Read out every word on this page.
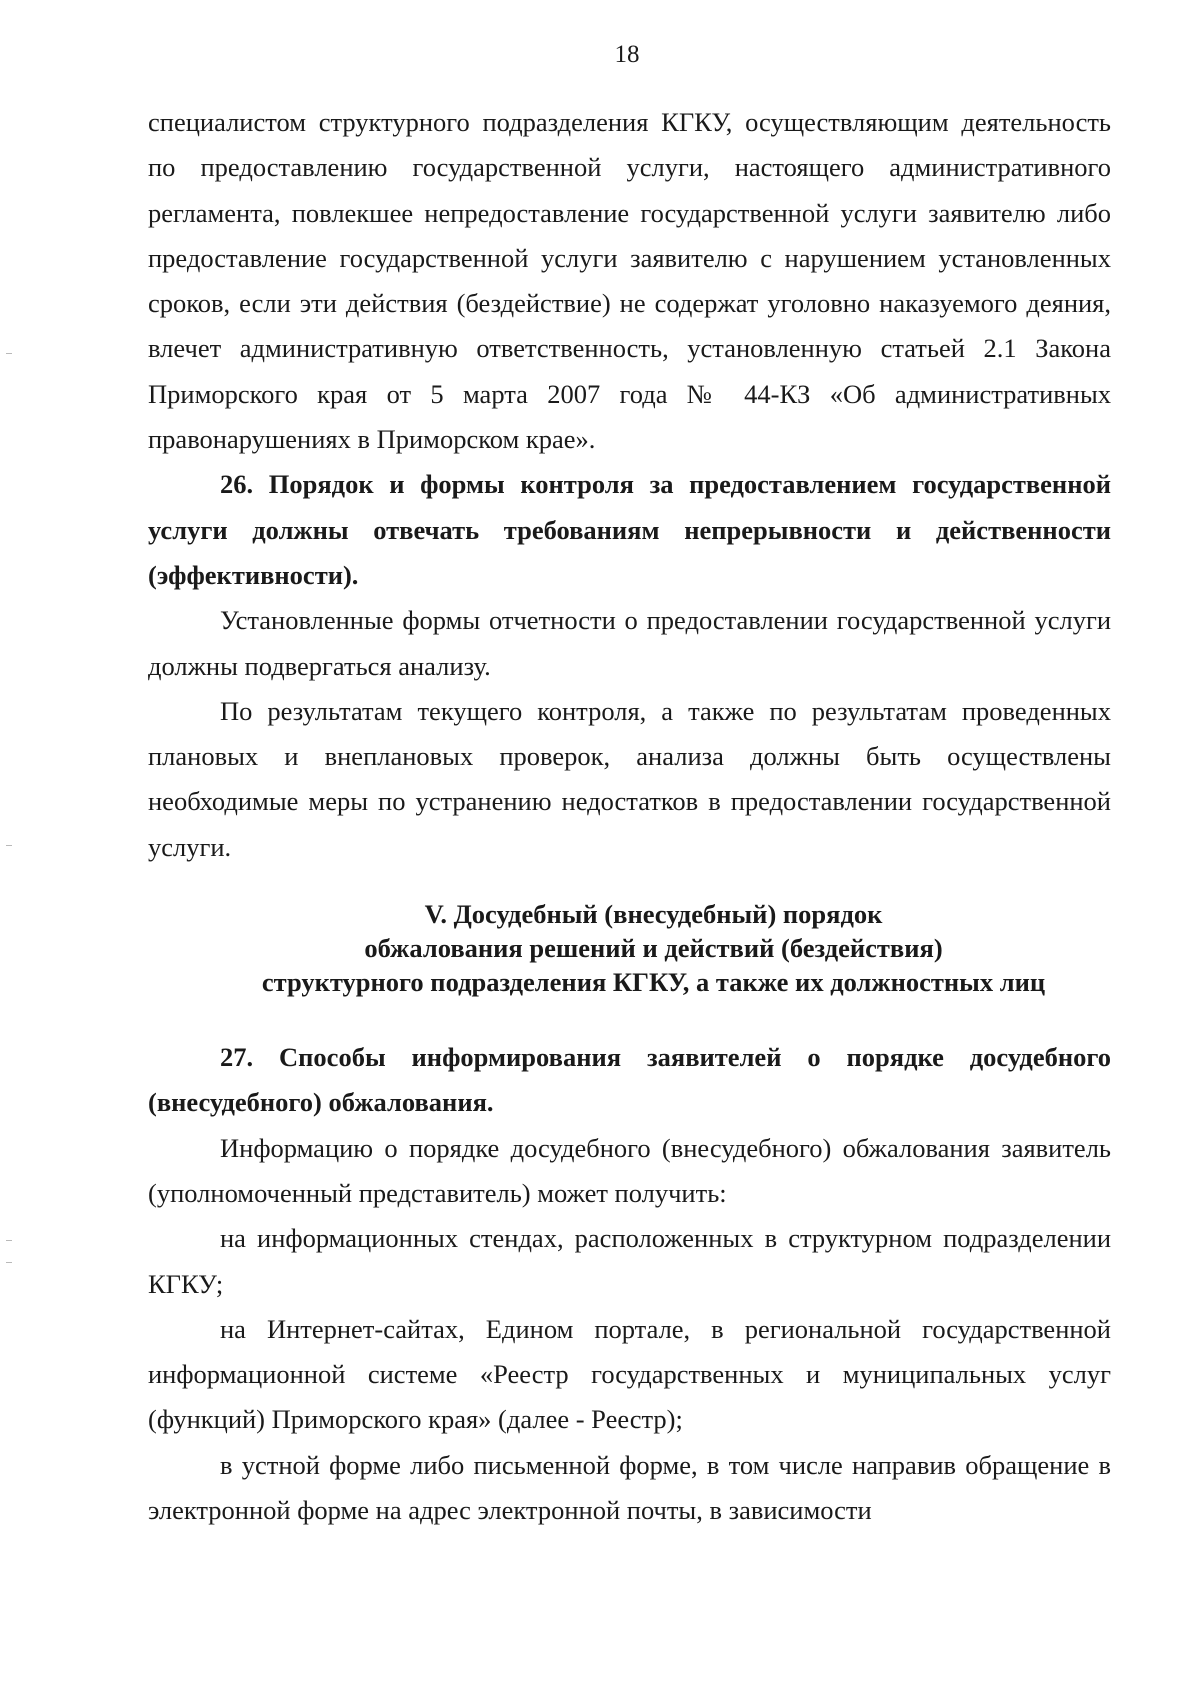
18

специалистом структурного подразделения КГКУ, осуществляющим деятельность по предоставлению государственной услуги, настоящего административного регламента, повлекшее непредоставление государственной услуги заявителю либо предоставление государственной услуги заявителю с нарушением установленных сроков, если эти действия (бездействие) не содержат уголовно наказуемого деяния, влечет административную ответственность, установленную статьей 2.1 Закона Приморского края от 5 марта 2007 года № 44-КЗ «Об административных правонарушениях в Приморском крае».

26. Порядок и формы контроля за предоставлением государственной услуги должны отвечать требованиям непрерывности и действенности (эффективности).

Установленные формы отчетности о предоставлении государственной услуги должны подвергаться анализу.

По результатам текущего контроля, а также по результатам проведенных плановых и внеплановых проверок, анализа должны быть осуществлены необходимые меры по устранению недостатков в предоставлении государственной услуги.

V. Досудебный (внесудебный) порядок
обжалования решений и действий (бездействия)
структурного подразделения КГКУ, а также их должностных лиц

27. Способы информирования заявителей о порядке досудебного (внесудебного) обжалования.

Информацию о порядке досудебного (внесудебного) обжалования заявитель (уполномоченный представитель) может получить:

на информационных стендах, расположенных в структурном подразделении КГКУ;

на Интернет-сайтах, Едином портале, в региональной государственной информационной системе «Реестр государственных и муниципальных услуг (функций) Приморского края» (далее - Реестр);

в устной форме либо письменной форме, в том числе направив обращение в электронной форме на адрес электронной почты, в зависимости
